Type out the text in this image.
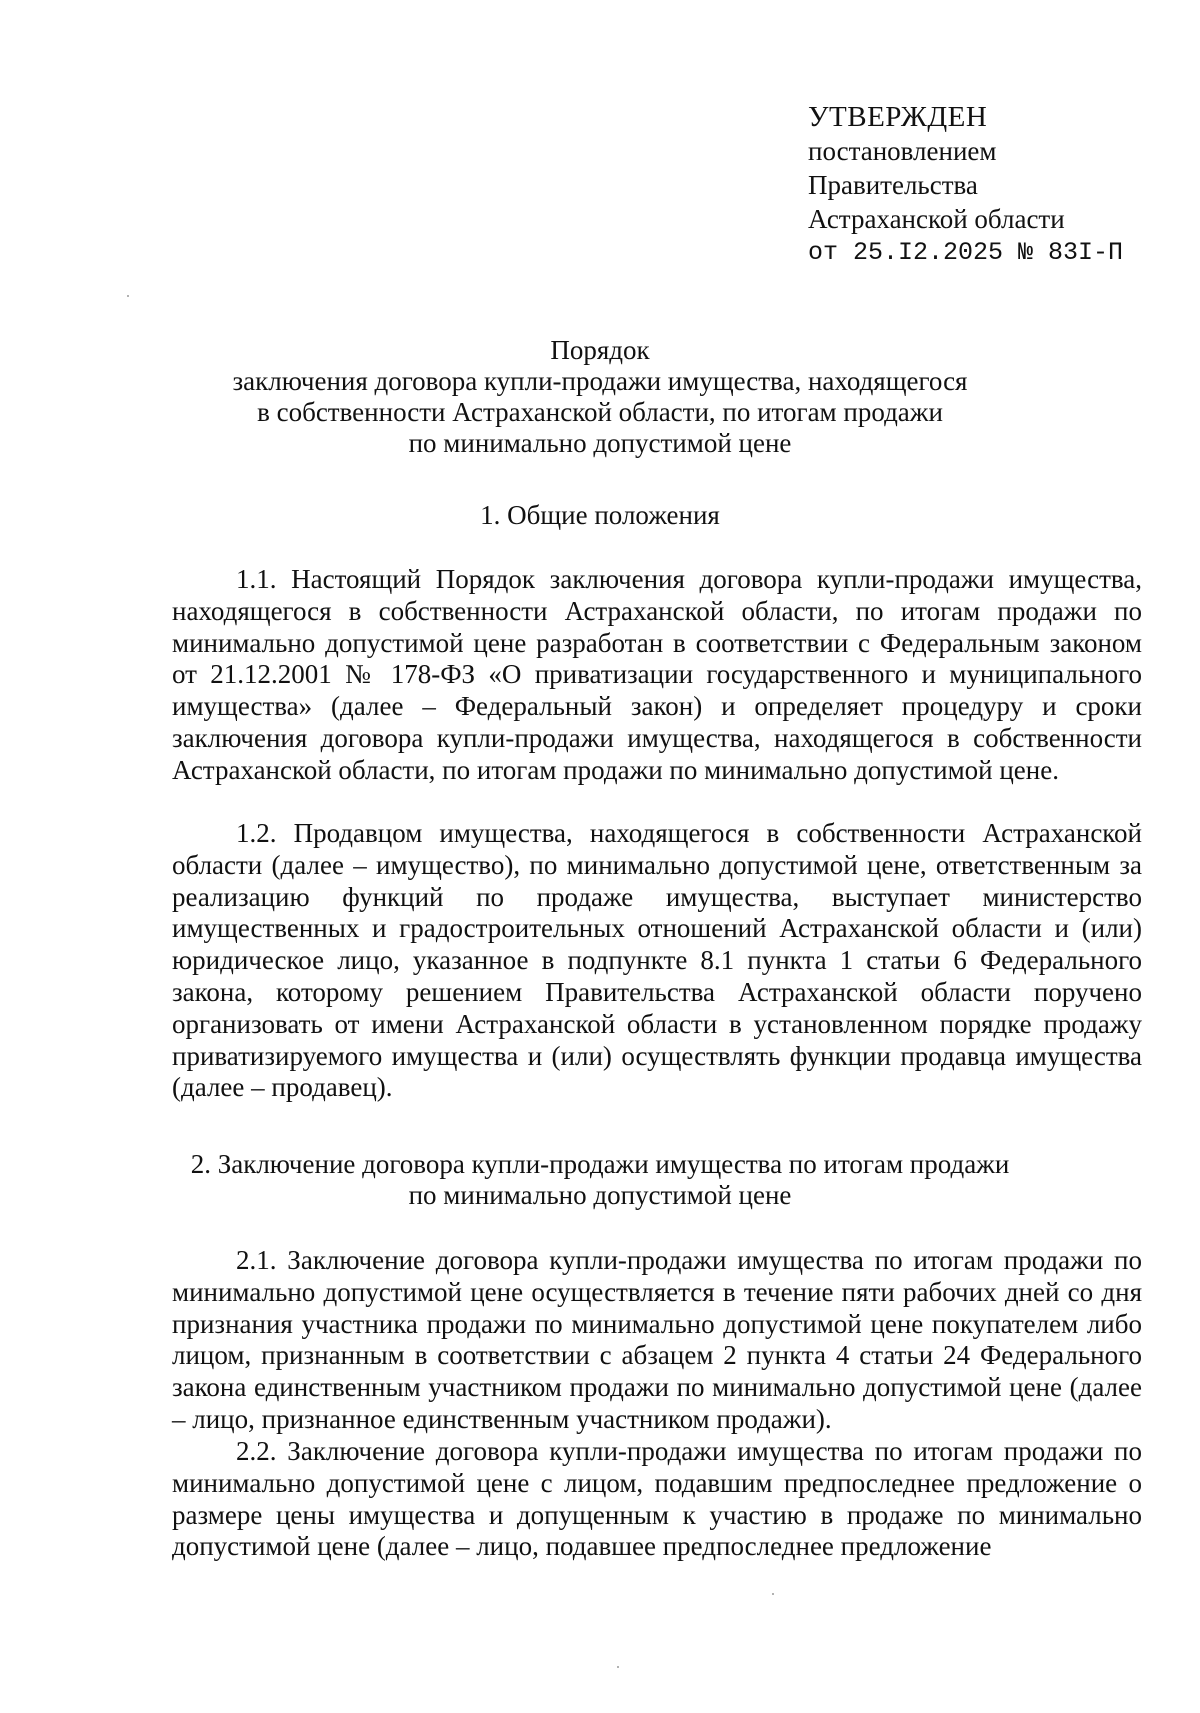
УТВЕРЖДЕН
постановлением
Правительства
Астраханской области
от 25.I2.2025 № 83I-П
Порядок
заключения договора купли-продажи имущества, находящегося
в собственности Астраханской области, по итогам продажи
по минимально допустимой цене
1. Общие положения

1.1. Настоящий Порядок заключения договора купли-продажи имущества, находящегося в собственности Астраханской области, по итогам продажи по минимально допустимой цене разработан в соответствии с Федеральным законом от 21.12.2001 № 178-ФЗ «О приватизации государственного и муниципального имущества» (далее – Федеральный закон) и определяет процедуру и сроки заключения договора купли-продажи имущества, находящегося в собственности Астраханской области, по итогам продажи по минимально допустимой цене.

1.2. Продавцом имущества, находящегося в собственности Астраханской области (далее – имущество), по минимально допустимой цене, ответственным за реализацию функций по продаже имущества, выступает министерство имущественных и градостроительных отношений Астраханской области и (или) юридическое лицо, указанное в подпункте 8.1 пункта 1 статьи 6 Федерального закона, которому решением Правительства Астраханской области поручено организовать от имени Астраханской области в установленном порядке продажу приватизируемого имущества и (или) осуществлять функции продавца имущества (далее – продавец).

2. Заключение договора купли-продажи имущества по итогам продажи
по минимально допустимой цене

2.1. Заключение договора купли-продажи имущества по итогам продажи по минимально допустимой цене осуществляется в течение пяти рабочих дней со дня признания участника продажи по минимально допустимой цене покупателем либо лицом, признанным в соответствии с абзацем 2 пункта 4 статьи 24 Федерального закона единственным участником продажи по минимально допустимой цене (далее – лицо, признанное единственным участником продажи).

2.2. Заключение договора купли-продажи имущества по итогам продажи по минимально допустимой цене с лицом, подавшим предпоследнее предложение о размере цены имущества и допущенным к участию в продаже по минимально допустимой цене (далее – лицо, подавшее предпоследнее предложение
